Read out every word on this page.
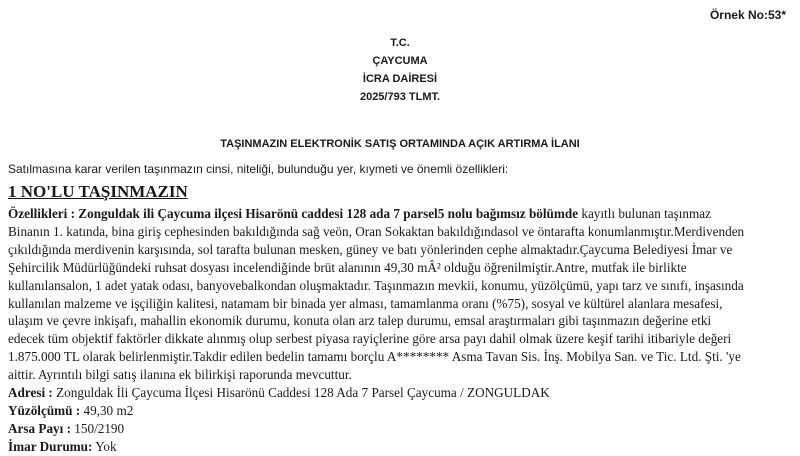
Örnek No:53*
T.C.
ÇAYCUMA
İCRA DAİRESİ
2025/793 TLMT.
TAŞINMAZIN ELEKTRONİK SATIŞ ORTAMINDA AÇIK ARTIRMA İLANI
Satılmasına karar verilen taşınmazın cinsi, niteliği, bulunduğu yer, kıymeti ve önemli özellikleri:
1 NO'LU TAŞINMAZIN
Özellikleri : Zonguldak ili Çaycuma ilçesi Hisarönü caddesi 128 ada 7 parsel5 nolu bağımsız bölümde kayıtlı bulunan taşınmaz
Binanın 1. katında, bina giriş cephesinden bakıldığında sağ veön, Oran Sokaktan bakıldığındasol ve öntarafta konumlanmıştır.Merdivenden
çıkıldığında merdivenin karşısında, sol tarafta bulunan mesken, güney ve batı yönlerinden cephe almaktadır.Çaycuma Belediyesi İmar ve
Şehircilik Müdürlüğündeki ruhsat dosyası incelendiğinde brüt alanının 49,30 mÂ² olduğu öğrenilmiştir.Antre, mutfak ile birlikte
kullanılansalon, 1 adet yatak odası, banyovebalkondan oluşmaktadır. Taşınmazın mevkii, konumu, yüzölçümü, yapı tarz ve sınıfı, inşasında
kullanılan malzeme ve işçiliğin kalitesi, natamam bir binada yer alması, tamamlanma oranı (%75), sosyal ve kültürel alanlara mesafesi,
ulaşım ve çevre inkişafı, mahallin ekonomik durumu, konuta olan arz talep durumu, emsal araştırmaları gibi taşınmazın değerine etki
edecek tüm objektif faktörler dikkate alınmış olup serbest piyasa rayiçlerine göre arsa payı dahil olmak üzere keşif tarihi itibariyle değeri
1.875.000 TL olarak belirlenmiştir.Takdir edilen bedelin tamamı borçlu A******** Asma Tavan Sis. İnş. Mobilya San. ve Tic. Ltd. Şti. 'ye
aittir. Ayrıntılı bilgi satış ilanına ek bilirkişi raporunda mevcuttur.
Adresi : Zonguldak İli Çaycuma İlçesi Hisarönü Caddesi 128 Ada 7 Parsel Çaycuma / ZONGULDAK
Yüzölçümü : 49,30 m2
Arsa Payı : 150/2190
İmar Durumu: Yok
